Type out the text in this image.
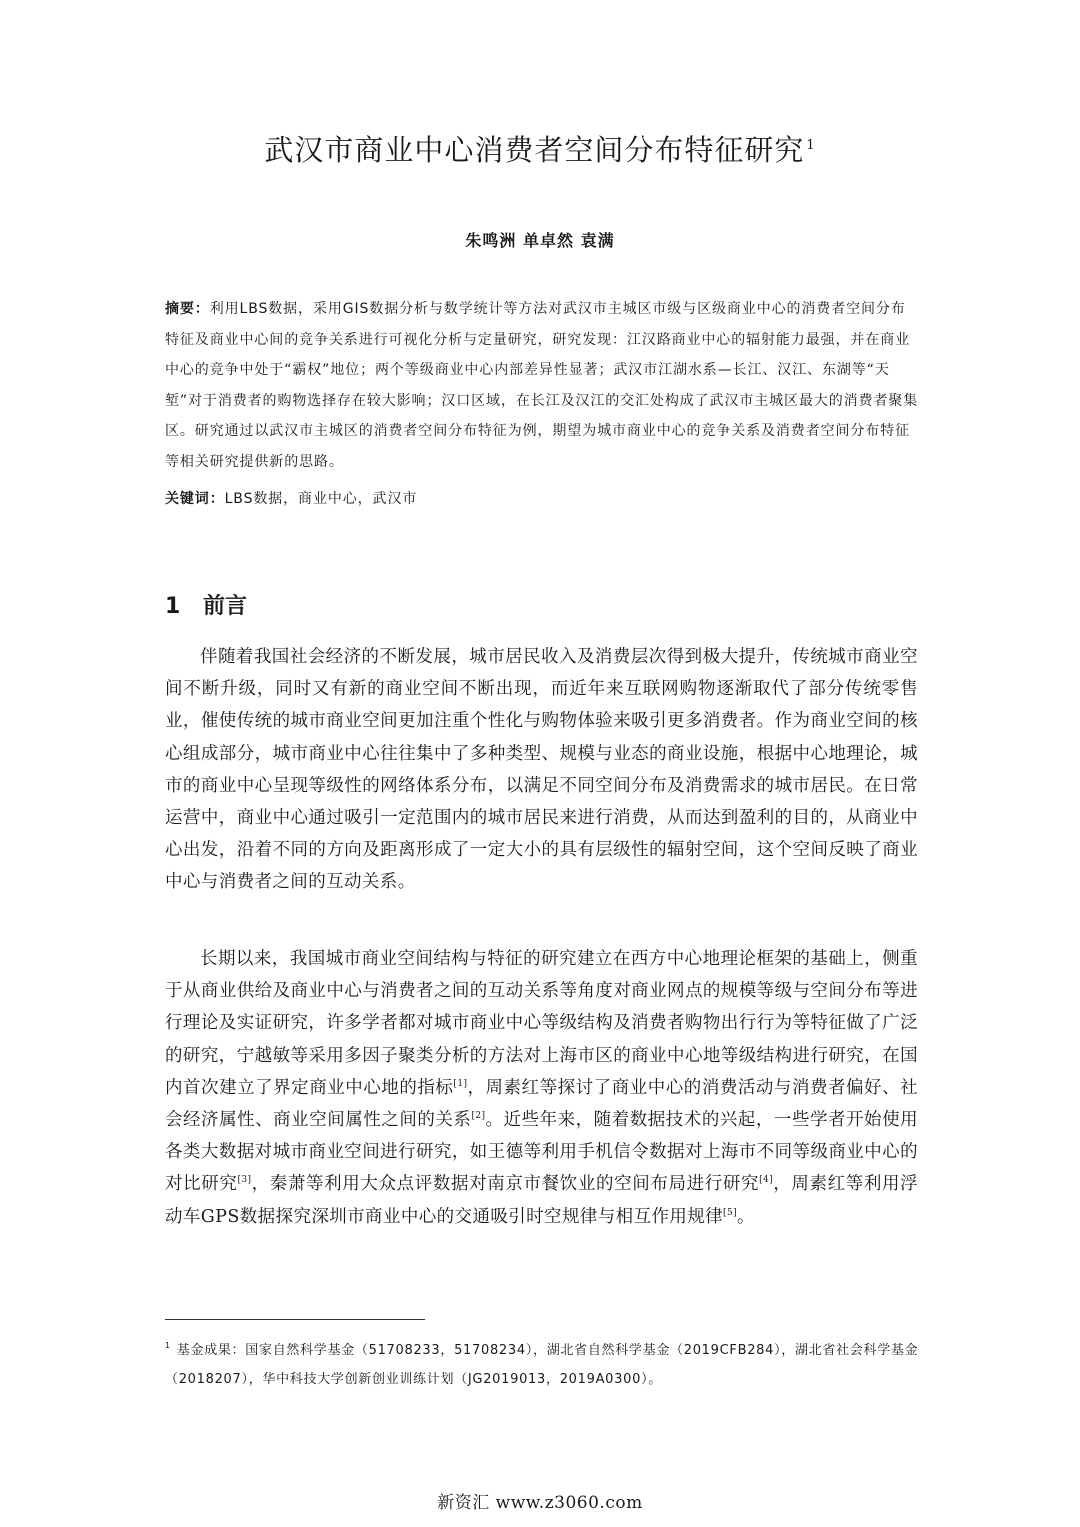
武汉市商业中心消费者空间分布特征研究 $^1$
朱鸣洲 单卓然 袁满
摘要：利用LBS数据，采用GIS数据分析与数学统计等方法对武汉市主城区市级与区级商业中心的消费者空间分布特征及商业中心间的竞争关系进行可视化分析与定量研究，研究发现：江汉路商业中心的辐射能力最强，并在商业中心的竞争中处于“霸权”地位；两个等级商业中心内部差异性显著；武汉市江湖水系—长江、汉江、东湖等“天堑”对于消费者的购物选择存在较大影响；汉口区域，在长江及汉江的交汇处构成了武汉市主城区最大的消费者聚集区。研究通过以武汉市主城区的消费者空间分布特征为例，期望为城市商业中心的竞争关系及消费者空间分布特征等相关研究提供新的思路。
关键词：LBS数据，商业中心，武汉市
1 前言

伴随着我国社会经济的不断发展，城市居民收入及消费层次得到极大提升，传统城市商业空间不断升级，同时又有新的商业空间不断出现，而近年来互联网购物逐渐取代了部分传统零售业，催使传统的城市商业空间更加注重个性化与购物体验来吸引更多消费者。作为商业空间的核心组成部分，城市商业中心往往集中了多种类型、规模与业态的商业设施，根据中心地理论，城市的商业中心呈现等级性的网络体系分布，以满足不同空间分布及消费需求的城市居民。在日常运营中，商业中心通过吸引一定范围内的城市居民来进行消费，从而达到盈利的目的，从商业中心出发，沿着不同的方向及距离形成了一定大小的具有层级性的辐射空间，这个空间反映了商业中心与消费者之间的互动关系。

长期以来，我国城市商业空间结构与特征的研究建立在西方中心地理论框架的基础上，侧重于从商业供给及商业中心与消费者之间的互动关系等角度对商业网点的规模等级与空间分布等进行理论及实证研究，许多学者都对城市商业中心等级结构及消费者购物出行行为等特征做了广泛的研究，宁越敏等采用多因子聚类分析的方法对上海市区的商业中心地等级结构进行研究，在国内首次建立了界定商业中心地的指标[1]，周素红等探讨了商业中心的消费活动与消费者偏好、社会经济属性、商业空间属性之间的关系[2]。近些年来，随着数据技术的兴起，一些学者开始使用各类大数据对城市商业空间进行研究，如王德等利用手机信令数据对上海市不同等级商业中心的对比研究[3]，秦萧等利用大众点评数据对南京市餐饮业的空间布局进行研究[4]，周素红等利用浮动车GPS数据探究深圳市商业中心的交通吸引时空规律与相互作用规律[5]。

$^1$ 基金成果：国家自然科学基金（51708233，51708234），湖北省自然科学基金（2019CFB284），湖北省社会科学基金（2018207），华中科技大学创新创业训练计划（JG2019013，2019A0300）。
新资汇 www.z3060.com
